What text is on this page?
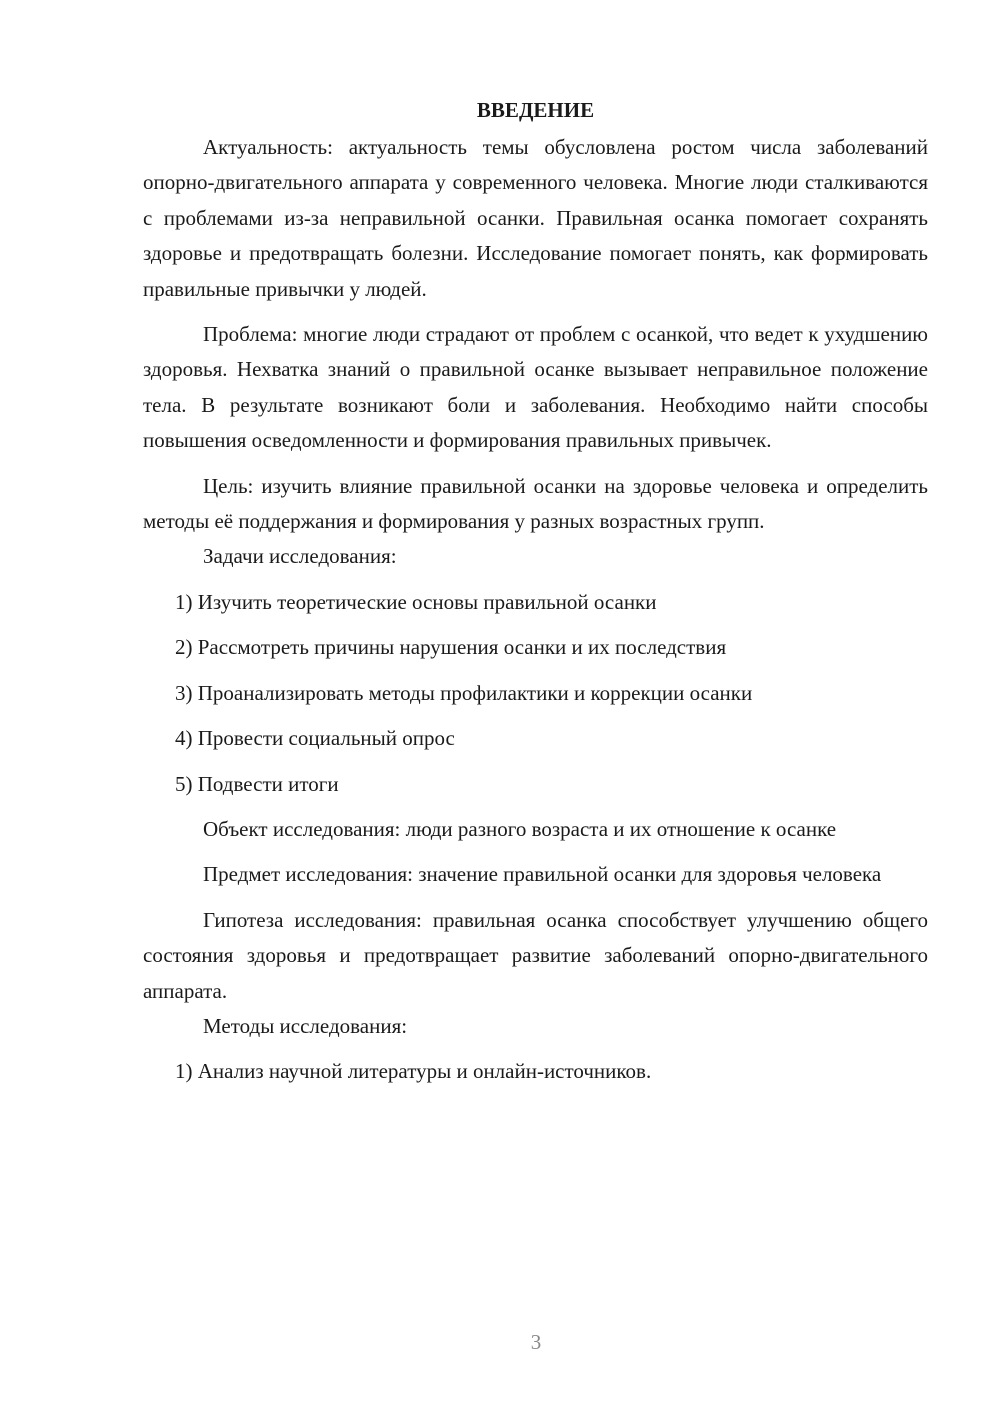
ВВЕДЕНИЕ

Актуальность: актуальность темы обусловлена ростом числа заболеваний опорно-двигательного аппарата у современного человека. Многие люди сталкиваются с проблемами из-за неправильной осанки. Правильная осанка помогает сохранять здоровье и предотвращать болезни. Исследование помогает понять, как формировать правильные привычки у людей.

Проблема: многие люди страдают от проблем с осанкой, что ведет к ухудшению здоровья. Нехватка знаний о правильной осанке вызывает неправильное положение тела. В результате возникают боли и заболевания. Необходимо найти способы повышения осведомленности и формирования правильных привычек.

Цель: изучить влияние правильной осанки на здоровье человека и определить методы её поддержания и формирования у разных возрастных групп.

Задачи исследования:

1) Изучить теоретические основы правильной осанки

2) Рассмотреть причины нарушения осанки и их последствия

3) Проанализировать методы профилактики и коррекции осанки

4) Провести социальный опрос

5) Подвести итоги

Объект исследования: люди разного возраста и их отношение к осанке

Предмет исследования: значение правильной осанки для здоровья человека

Гипотеза исследования: правильная осанка способствует улучшению общего состояния здоровья и предотвращает развитие заболеваний опорно-двигательного аппарата.

Методы исследования:

1) Анализ научной литературы и онлайн-источников.

3
